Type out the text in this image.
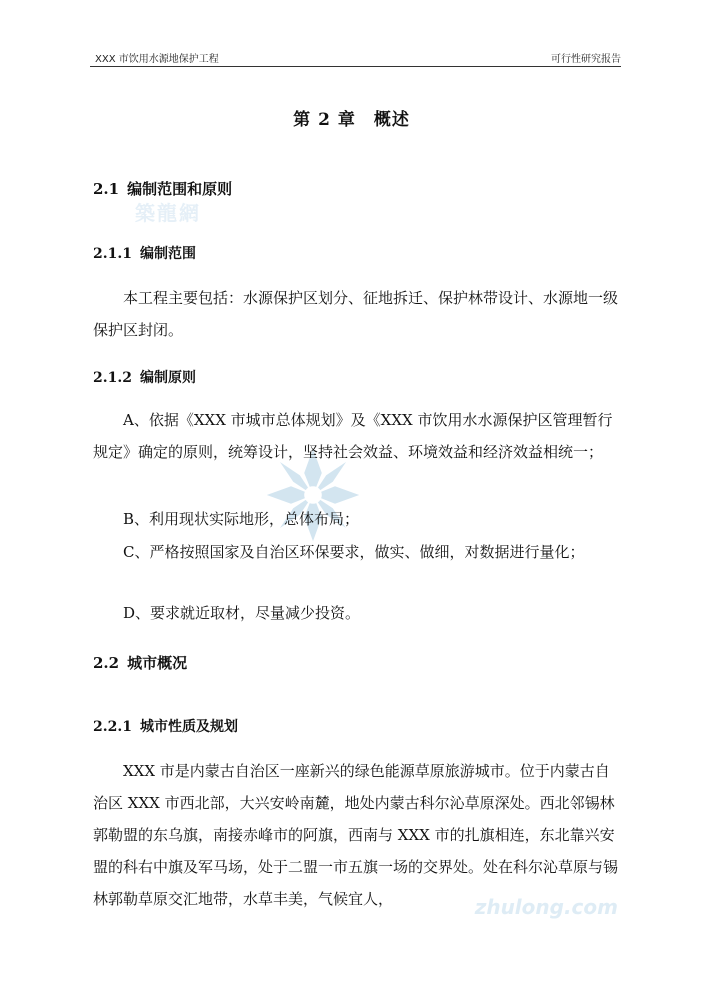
XXX 市饮用水源地保护工程	可行性研究报告
築龍網
zhulong.com
第 2 章 概述
2.1 编制范围和原则
2.1.1 编制范围
本工程主要包括：水源保护区划分、征地拆迁、保护林带设计、水源地一级保护区封闭。
2.1.2 编制原则
A、依据《XXX 市城市总体规划》及《XXX 市饮用水水源保护区管理暂行规定》确定的原则，统筹设计，坚持社会效益、环境效益和经济效益相统一；
B、利用现状实际地形，总体布局；
C、严格按照国家及自治区环保要求，做实、做细，对数据进行量化；
D、要求就近取材，尽量减少投资。
2.2 城市概况
2.2.1 城市性质及规划
XXX 市是内蒙古自治区一座新兴的绿色能源草原旅游城市。位于内蒙古自治区 XXX 市西北部，大兴安岭南麓，地处内蒙古科尔沁草原深处。西北邻锡林郭勒盟的东乌旗，南接赤峰市的阿旗，西南与 XXX 市的扎旗相连，东北靠兴安盟的科右中旗及军马场，处于二盟一市五旗一场的交界处。处在科尔沁草原与锡林郭勒草原交汇地带，水草丰美，气候宜人，
